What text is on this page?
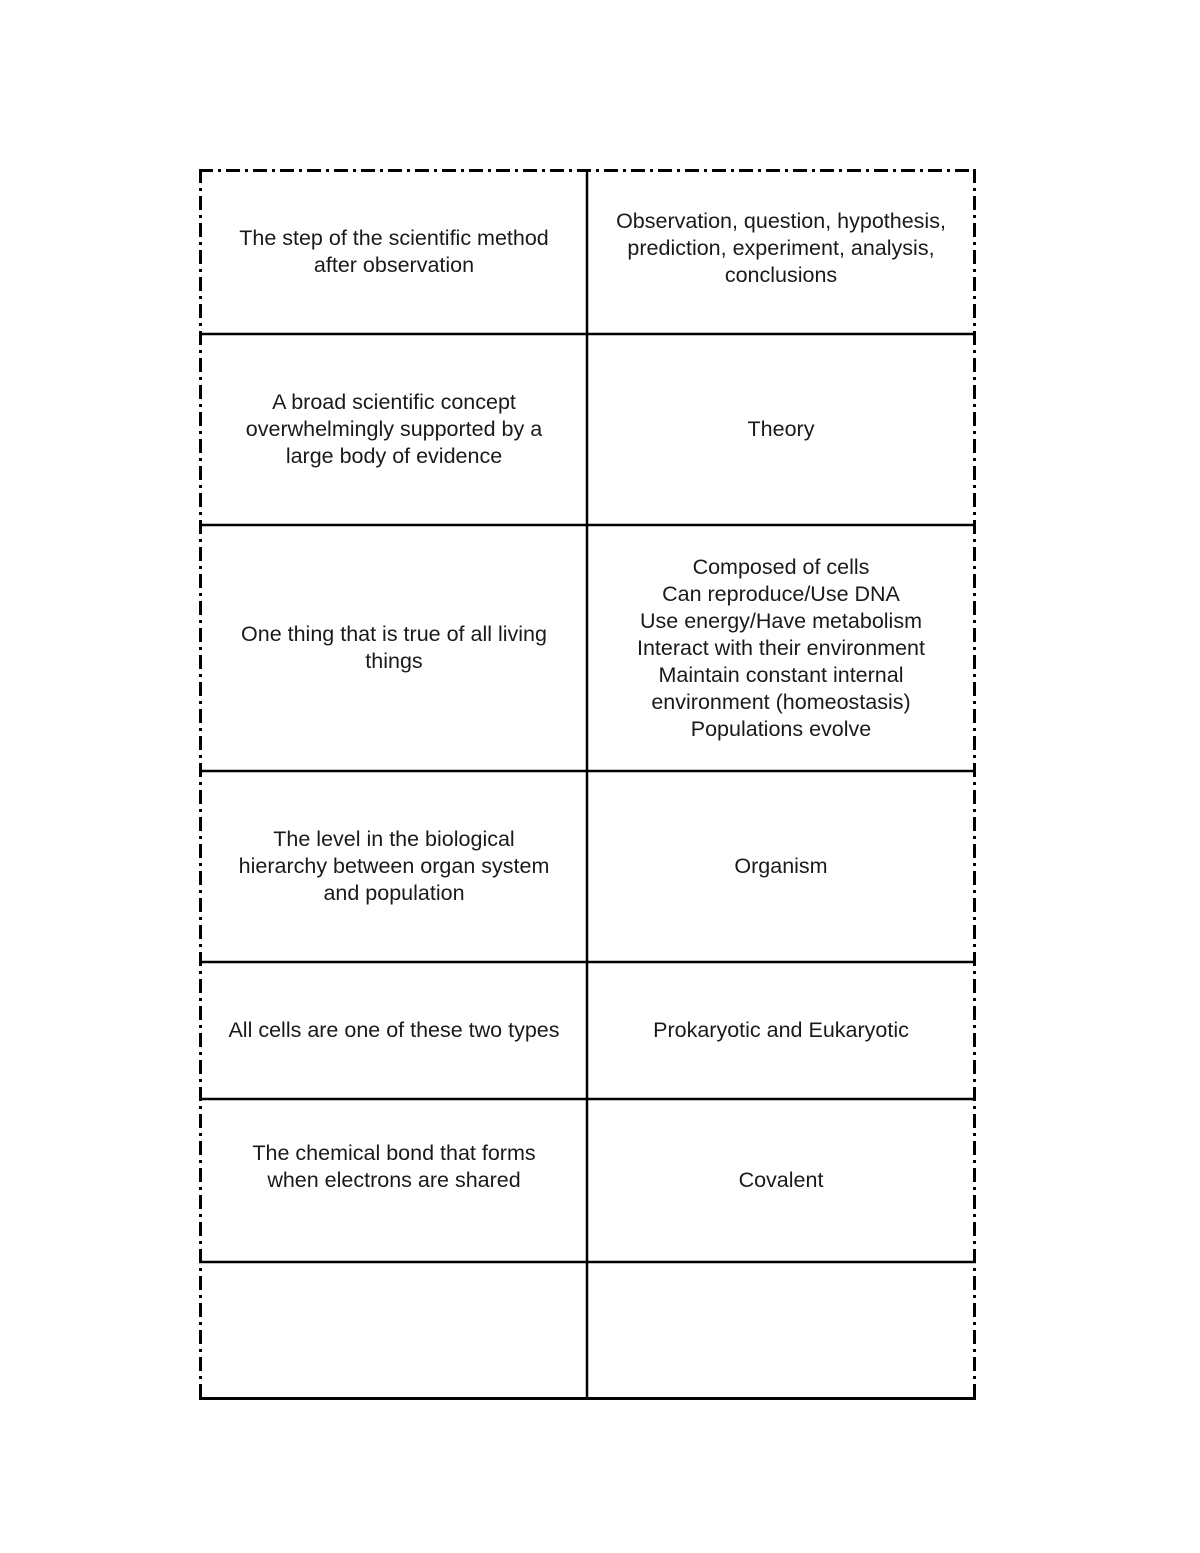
The step of the scientific method
after observation
Observation, question, hypothesis,
prediction, experiment, analysis,
conclusions
A broad scientific concept
overwhelmingly supported by a
large body of evidence
Theory
One thing that is true of all living
things
Composed of cells
Can reproduce/Use DNA
Use energy/Have metabolism
Interact with their environment
Maintain constant internal
environment (homeostasis)
Populations evolve
The level in the biological
hierarchy between organ system
and population
Organism
All cells are one of these two types	Prokaryotic and Eukaryotic
The chemical bond that forms
when electrons are shared	Covalent
